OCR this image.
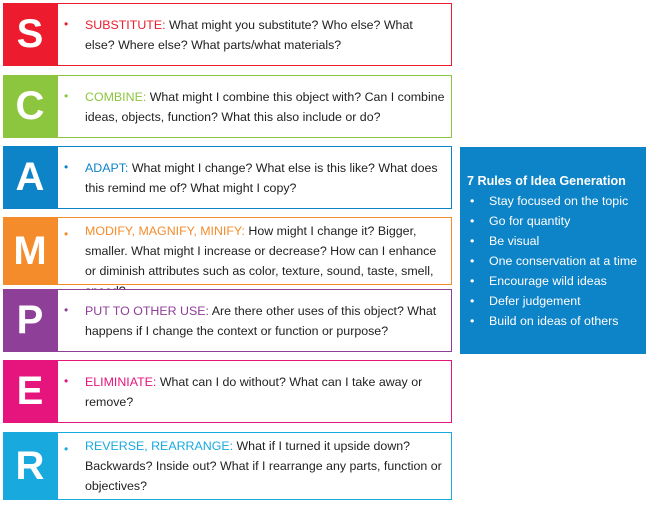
S	• SUBSTITUTE: What might you substitute? Who else? What else? Where else? What parts/what materials?
C	• COMBINE: What might I combine this object with? Can I combine ideas, objects, function? What this also include or do?
A	• ADAPT: What might I change? What else is this like? What does this remind me of? What might I copy?
M	• MODIFY, MAGNIFY, MINIFY: How might I change it? Bigger, smaller. What might I increase or decrease? How can I enhance or diminish attributes such as color, texture, sound, taste, smell,
P	• PUT TO OTHER USE: Are there other uses of this object? What happens if I change the context or function or purpose?
E	• ELIMINIATE: What can I do without? What can I take away or remove?
R	• REVERSE, REARRANGE: What if I turned it upside down? Backwards? Inside out? What if I rearrange any parts, function or objectives?
7 Rules of Idea Generation
• Stay focused on the topic
• Go for quantity
• Be visual
• One conservation at a time
• Encourage wild ideas
• Defer judgement
• Build on ideas of others
